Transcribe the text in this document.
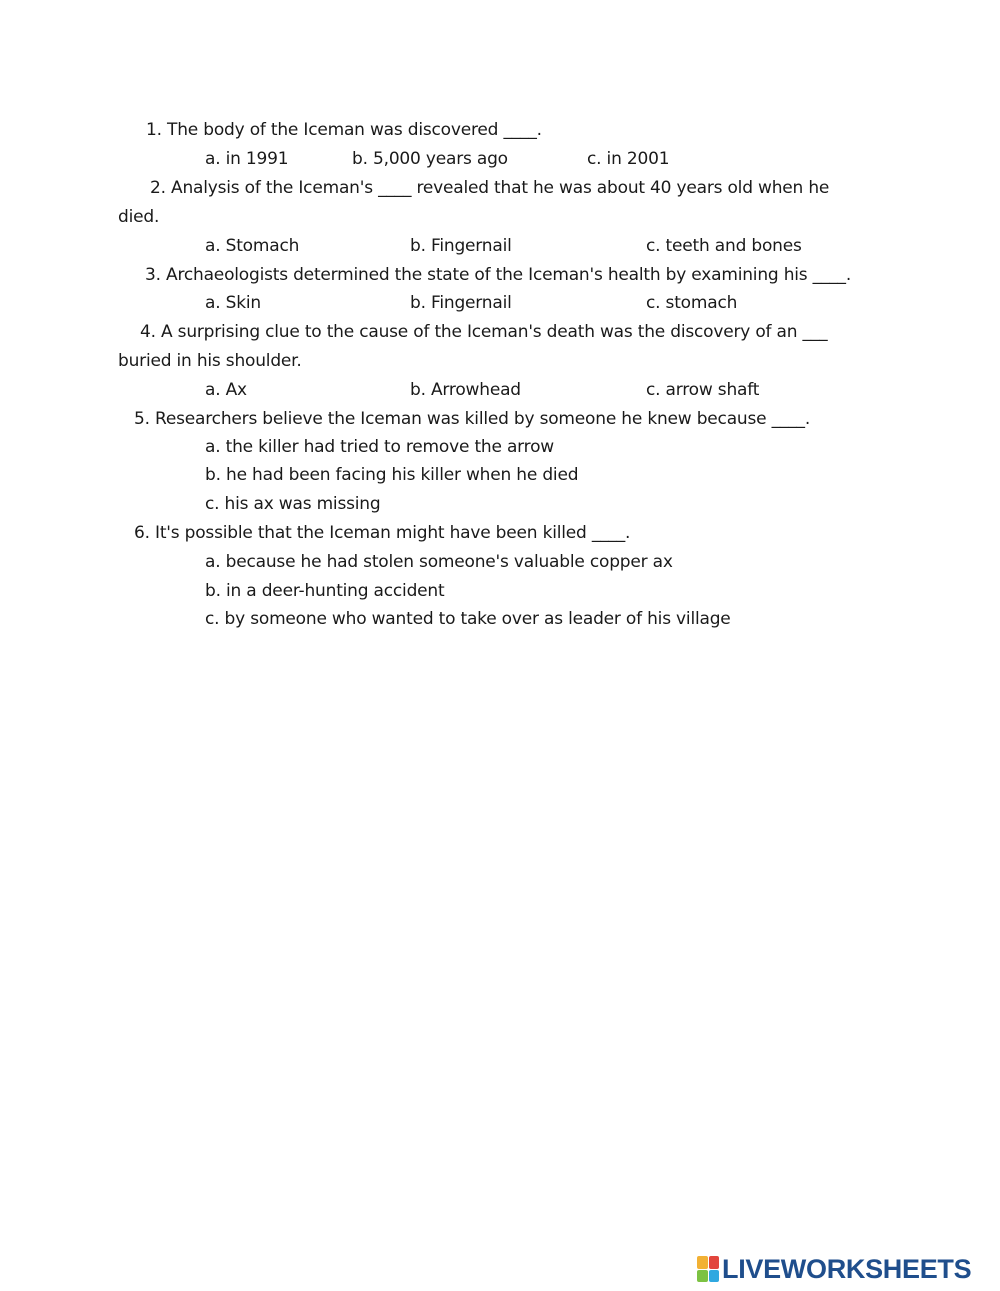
1. The body of the Iceman was discovered ____.
a. in 1991	b. 5,000 years ago	c. in 2001
2. Analysis of the Iceman's ____ revealed that he was about 40 years old when he
died.
a. Stomach	b. Fingernail	c. teeth and bones
3. Archaeologists determined the state of the Iceman's health by examining his ____.
a. Skin	b. Fingernail	c. stomach
4. A surprising clue to the cause of the Iceman's death was the discovery of an ___
buried in his shoulder.
a. Ax	b. Arrowhead	c. arrow shaft
5. Researchers believe the Iceman was killed by someone he knew because ____.
a. the killer had tried to remove the arrow
b. he had been facing his killer when he died
c. his ax was missing
6. It's possible that the Iceman might have been killed ____.
a. because he had stolen someone's valuable copper ax
b. in a deer-hunting accident
c. by someone who wanted to take over as leader of his village
LIVEWORKSHEETS
